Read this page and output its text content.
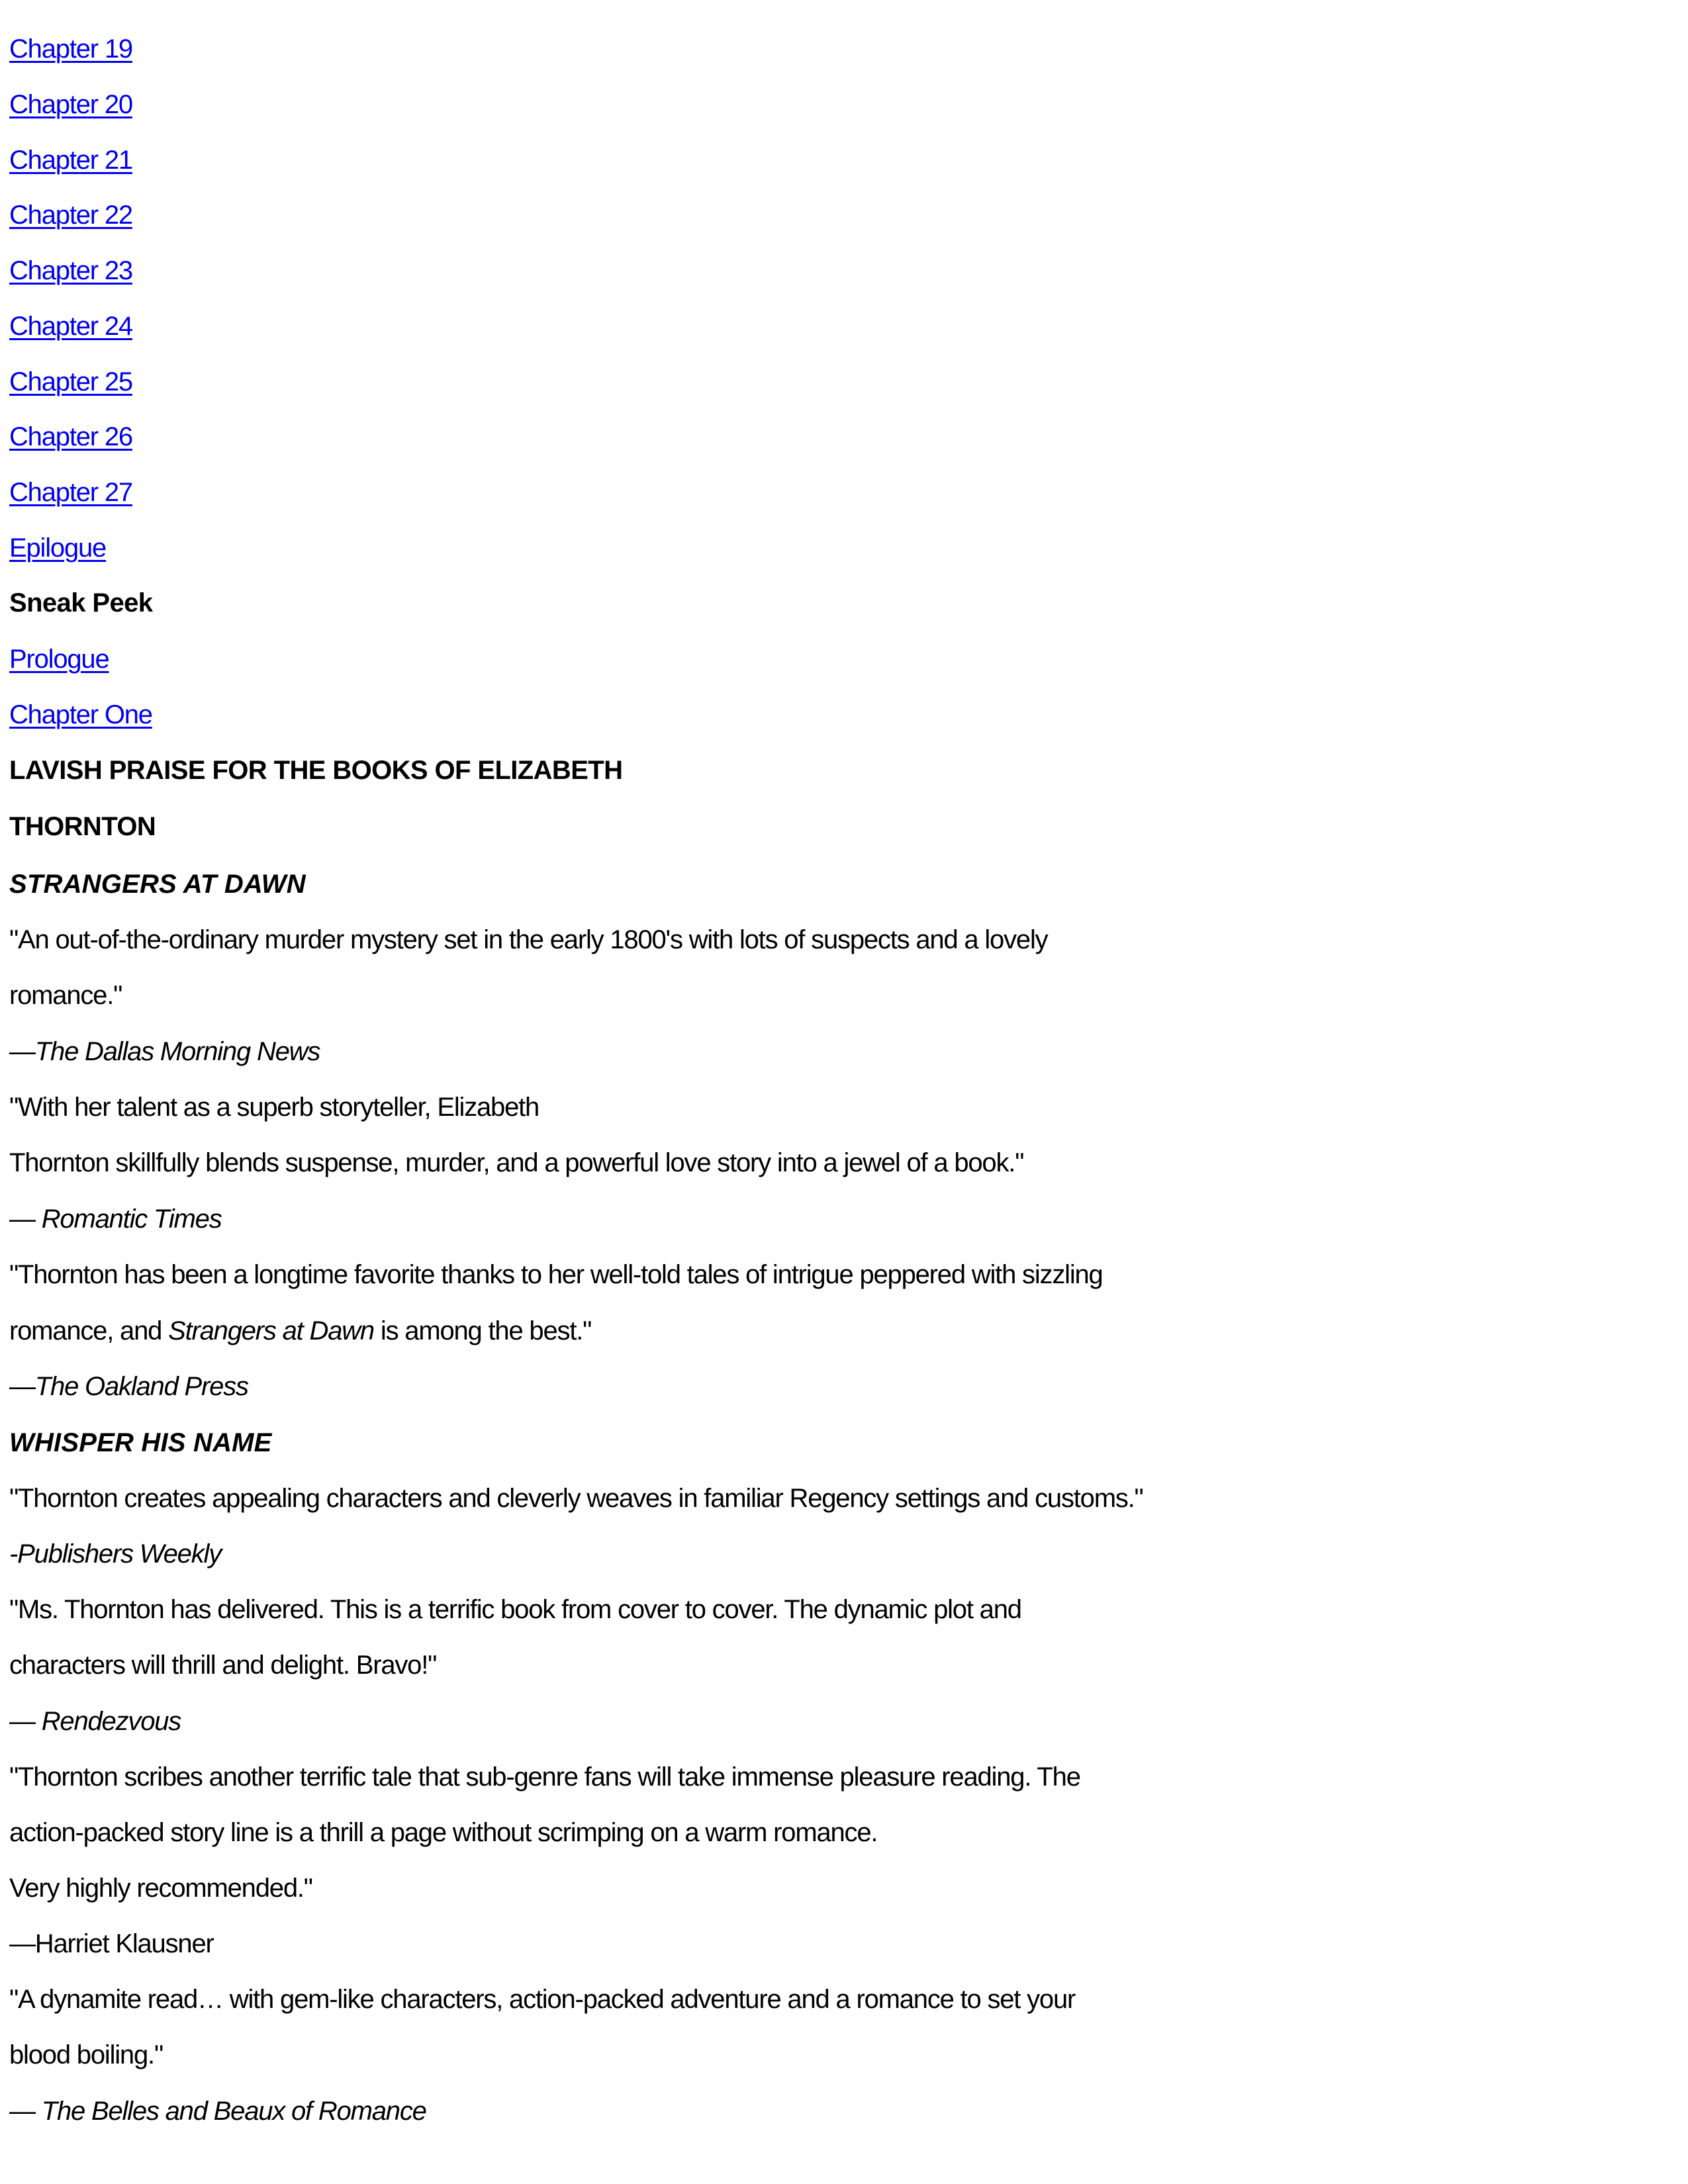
Chapter 19
Chapter 20
Chapter 21
Chapter 22
Chapter 23
Chapter 24
Chapter 25
Chapter 26
Chapter 27
Epilogue
Sneak Peek
Prologue
Chapter One
LAVISH PRAISE FOR THE BOOKS OF ELIZABETH
THORNTON
STRANGERS AT DAWN
"An out-of-the-ordinary murder mystery set in the early 1800's with lots of suspects and a lovely
romance."
—The Dallas Morning News
"With her talent as a superb storyteller, Elizabeth
Thornton skillfully blends suspense, murder, and a powerful love story into a jewel of a book."
— Romantic Times
"Thornton has been a longtime favorite thanks to her well-told tales of intrigue peppered with sizzling
romance, and Strangers at Dawn is among the best."
—The Oakland Press
WHISPER HIS NAME
"Thornton creates appealing characters and cleverly weaves in familiar Regency settings and customs."
-Publishers Weekly
"Ms. Thornton has delivered. This is a terrific book from cover to cover. The dynamic plot and
characters will thrill and delight. Bravo!"
— Rendezvous
"Thornton scribes another terrific tale that sub-genre fans will take immense pleasure reading. The
action-packed story line is a thrill a page without scrimping on a warm romance.
Very highly recommended."
—Harriet Klausner
"A dynamite read… with gem-like characters, action-packed adventure and a romance to set your
blood boiling."
— The Belles and Beaux of Romance
